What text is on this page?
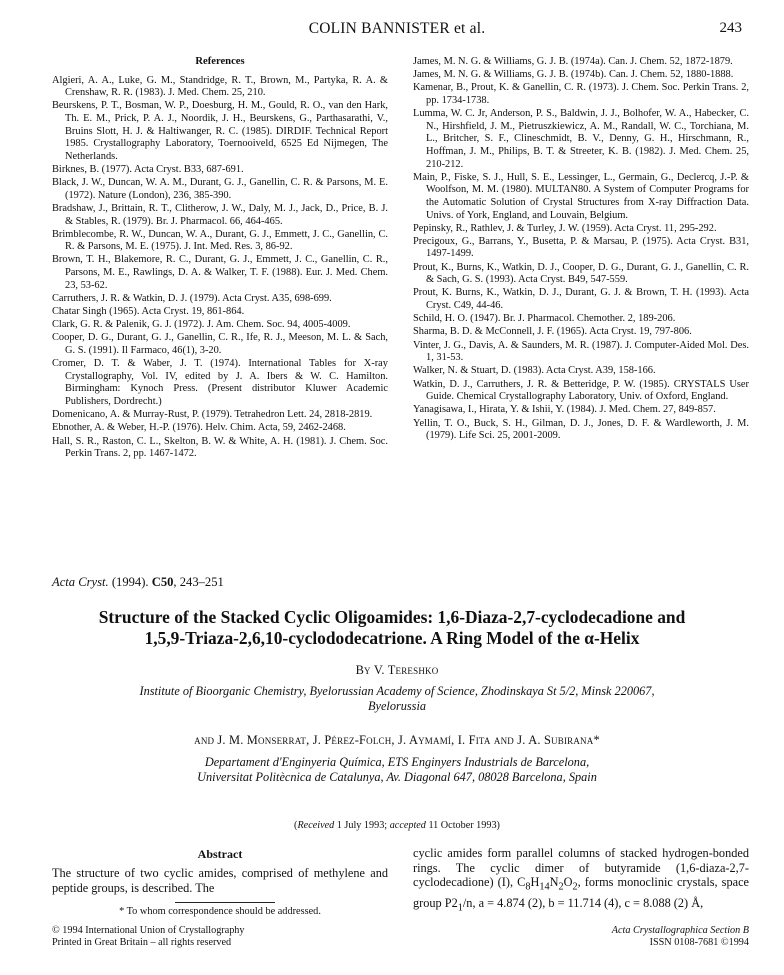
COLIN BANNISTER et al.	243
References
Algieri, A. A., Luke, G. M., Standridge, R. T., Brown, M., Partyka, R. A. & Crenshaw, R. R. (1983). J. Med. Chem. 25, 210.
Beurskens, P. T., Bosman, W. P., Doesburg, H. M., Gould, R. O., van den Hark, Th. E. M., Prick, P. A. J., Noordik, J. H., Beurskens, G., Parthasarathi, V., Bruins Slott, H. J. & Haltiwanger, R. C. (1985). DIRDIF. Technical Report 1985. Crystallography Laboratory, Toernooiveld, 6525 Ed Nijmegen, The Netherlands.
Birknes, B. (1977). Acta Cryst. B33, 687-691.
Black, J. W., Duncan, W. A. M., Durant, G. J., Ganellin, C. R. & Parsons, M. E. (1972). Nature (London), 236, 385-390.
Bradshaw, J., Brittain, R. T., Clitherow, J. W., Daly, M. J., Jack, D., Price, B. J. & Stables, R. (1979). Br. J. Pharmacol. 66, 464-465.
Brimblecombe, R. W., Duncan, W. A., Durant, G. J., Emmett, J. C., Ganellin, C. R. & Parsons, M. E. (1975). J. Int. Med. Res. 3, 86-92.
Brown, T. H., Blakemore, R. C., Durant, G. J., Emmett, J. C., Ganellin, C. R., Parsons, M. E., Rawlings, D. A. & Walker, T. F. (1988). Eur. J. Med. Chem. 23, 53-62.
Carruthers, J. R. & Watkin, D. J. (1979). Acta Cryst. A35, 698-699.
Chatar Singh (1965). Acta Cryst. 19, 861-864.
Clark, G. R. & Palenik, G. J. (1972). J. Am. Chem. Soc. 94, 4005-4009.
Cooper, D. G., Durant, G. J., Ganellin, C. R., Ife, R. J., Meeson, M. L. & Sach, G. S. (1991). Il Farmaco, 46(1), 3-20.
Cromer, D. T. & Waber, J. T. (1974). International Tables for X-ray Crystallography, Vol. IV, edited by J. A. Ibers & W. C. Hamilton. Birmingham: Kynoch Press. (Present distributor Kluwer Academic Publishers, Dordrecht.)
Domenicano, A. & Murray-Rust, P. (1979). Tetrahedron Lett. 24, 2818-2819.
Ebnother, A. & Weber, H.-P. (1976). Helv. Chim. Acta, 59, 2462-2468.
Hall, S. R., Raston, C. L., Skelton, B. W. & White, A. H. (1981). J. Chem. Soc. Perkin Trans. 2, pp. 1467-1472.
James, M. N. G. & Williams, G. J. B. (1974a). Can. J. Chem. 52, 1872-1879.
James, M. N. G. & Williams, G. J. B. (1974b). Can. J. Chem. 52, 1880-1888.
Kamenar, B., Prout, K. & Ganellin, C. R. (1973). J. Chem. Soc. Perkin Trans. 2, pp. 1734-1738.
Lumma, W. C. Jr, Anderson, P. S., Baldwin, J. J., Bolhofer, W. A., Habecker, C. N., Hirshfield, J. M., Pietruszkiewicz, A. M., Randall, W. C., Torchiana, M. L., Britcher, S. F., Clineschmidt, B. V., Denny, G. H., Hirschmann, R., Hoffman, J. M., Philips, B. T. & Streeter, K. B. (1982). J. Med. Chem. 25, 210-212.
Main, P., Fiske, S. J., Hull, S. E., Lessinger, L., Germain, G., Declercq, J.-P. & Woolfson, M. M. (1980). MULTAN80. A System of Computer Programs for the Automatic Solution of Crystal Structures from X-ray Diffraction Data. Univs. of York, England, and Louvain, Belgium.
Pepinsky, R., Rathlev, J. & Turley, J. W. (1959). Acta Cryst. 11, 295-292.
Precigoux, G., Barrans, Y., Busetta, P. & Marsau, P. (1975). Acta Cryst. B31, 1497-1499.
Prout, K., Burns, K., Watkin, D. J., Cooper, D. G., Durant, G. J., Ganellin, C. R. & Sach, G. S. (1993). Acta Cryst. B49, 547-559.
Prout, K. Burns, K., Watkin, D. J., Durant, G. J. & Brown, T. H. (1993). Acta Cryst. C49, 44-46.
Schild, H. O. (1947). Br. J. Pharmacol. Chemother. 2, 189-206.
Sharma, B. D. & McConnell, J. F. (1965). Acta Cryst. 19, 797-806.
Vinter, J. G., Davis, A. & Saunders, M. R. (1987). J. Computer-Aided Mol. Des. 1, 31-53.
Walker, N. & Stuart, D. (1983). Acta Cryst. A39, 158-166.
Watkin, D. J., Carruthers, J. R. & Betteridge, P. W. (1985). CRYSTALS User Guide. Chemical Crystallography Laboratory, Univ. of Oxford, England.
Yanagisawa, I., Hirata, Y. & Ishii, Y. (1984). J. Med. Chem. 27, 849-857.
Yellin, T. O., Buck, S. H., Gilman, D. J., Jones, D. F. & Wardleworth, J. M. (1979). Life Sci. 25, 2001-2009.
Acta Cryst. (1994). C50, 243–251
Structure of the Stacked Cyclic Oligoamides: 1,6-Diaza-2,7-cyclodecadione and
1,5,9-Triaza-2,6,10-cyclododecatrione. A Ring Model of the α-Helix
By V. Tereshko
Institute of Bioorganic Chemistry, Byelorussian Academy of Science, Zhodinskaya St 5/2, Minsk 220067,
Byelorussia
and J. M. Monserrat, J. Pérez-Folch, J. Aymamí, I. Fita and J. A. Subirana*
Departament d'Enginyeria Química, ETS Enginyers Industrials de Barcelona,
Universitat Politècnica de Catalunya, Av. Diagonal 647, 08028 Barcelona, Spain
(Received 1 July 1993; accepted 11 October 1993)
Abstract
The structure of two cyclic amides, comprised of methylene and peptide groups, is described. The
* To whom correspondence should be addressed.
© 1994 International Union of Crystallography
Printed in Great Britain – all rights reserved
cyclic amides form parallel columns of stacked hydrogen-bonded rings. The cyclic dimer of butyramide (1,6-diaza-2,7-cyclodecadione) (I), $C_8H_{14}N_2O_2$, forms monoclinic crystals, space group $P2_1/n$, a = 4.874 (2), b = 11.714 (4), c = 8.088 (2) Å,
Acta Crystallographica Section B
ISSN 0108-7681 ©1994
